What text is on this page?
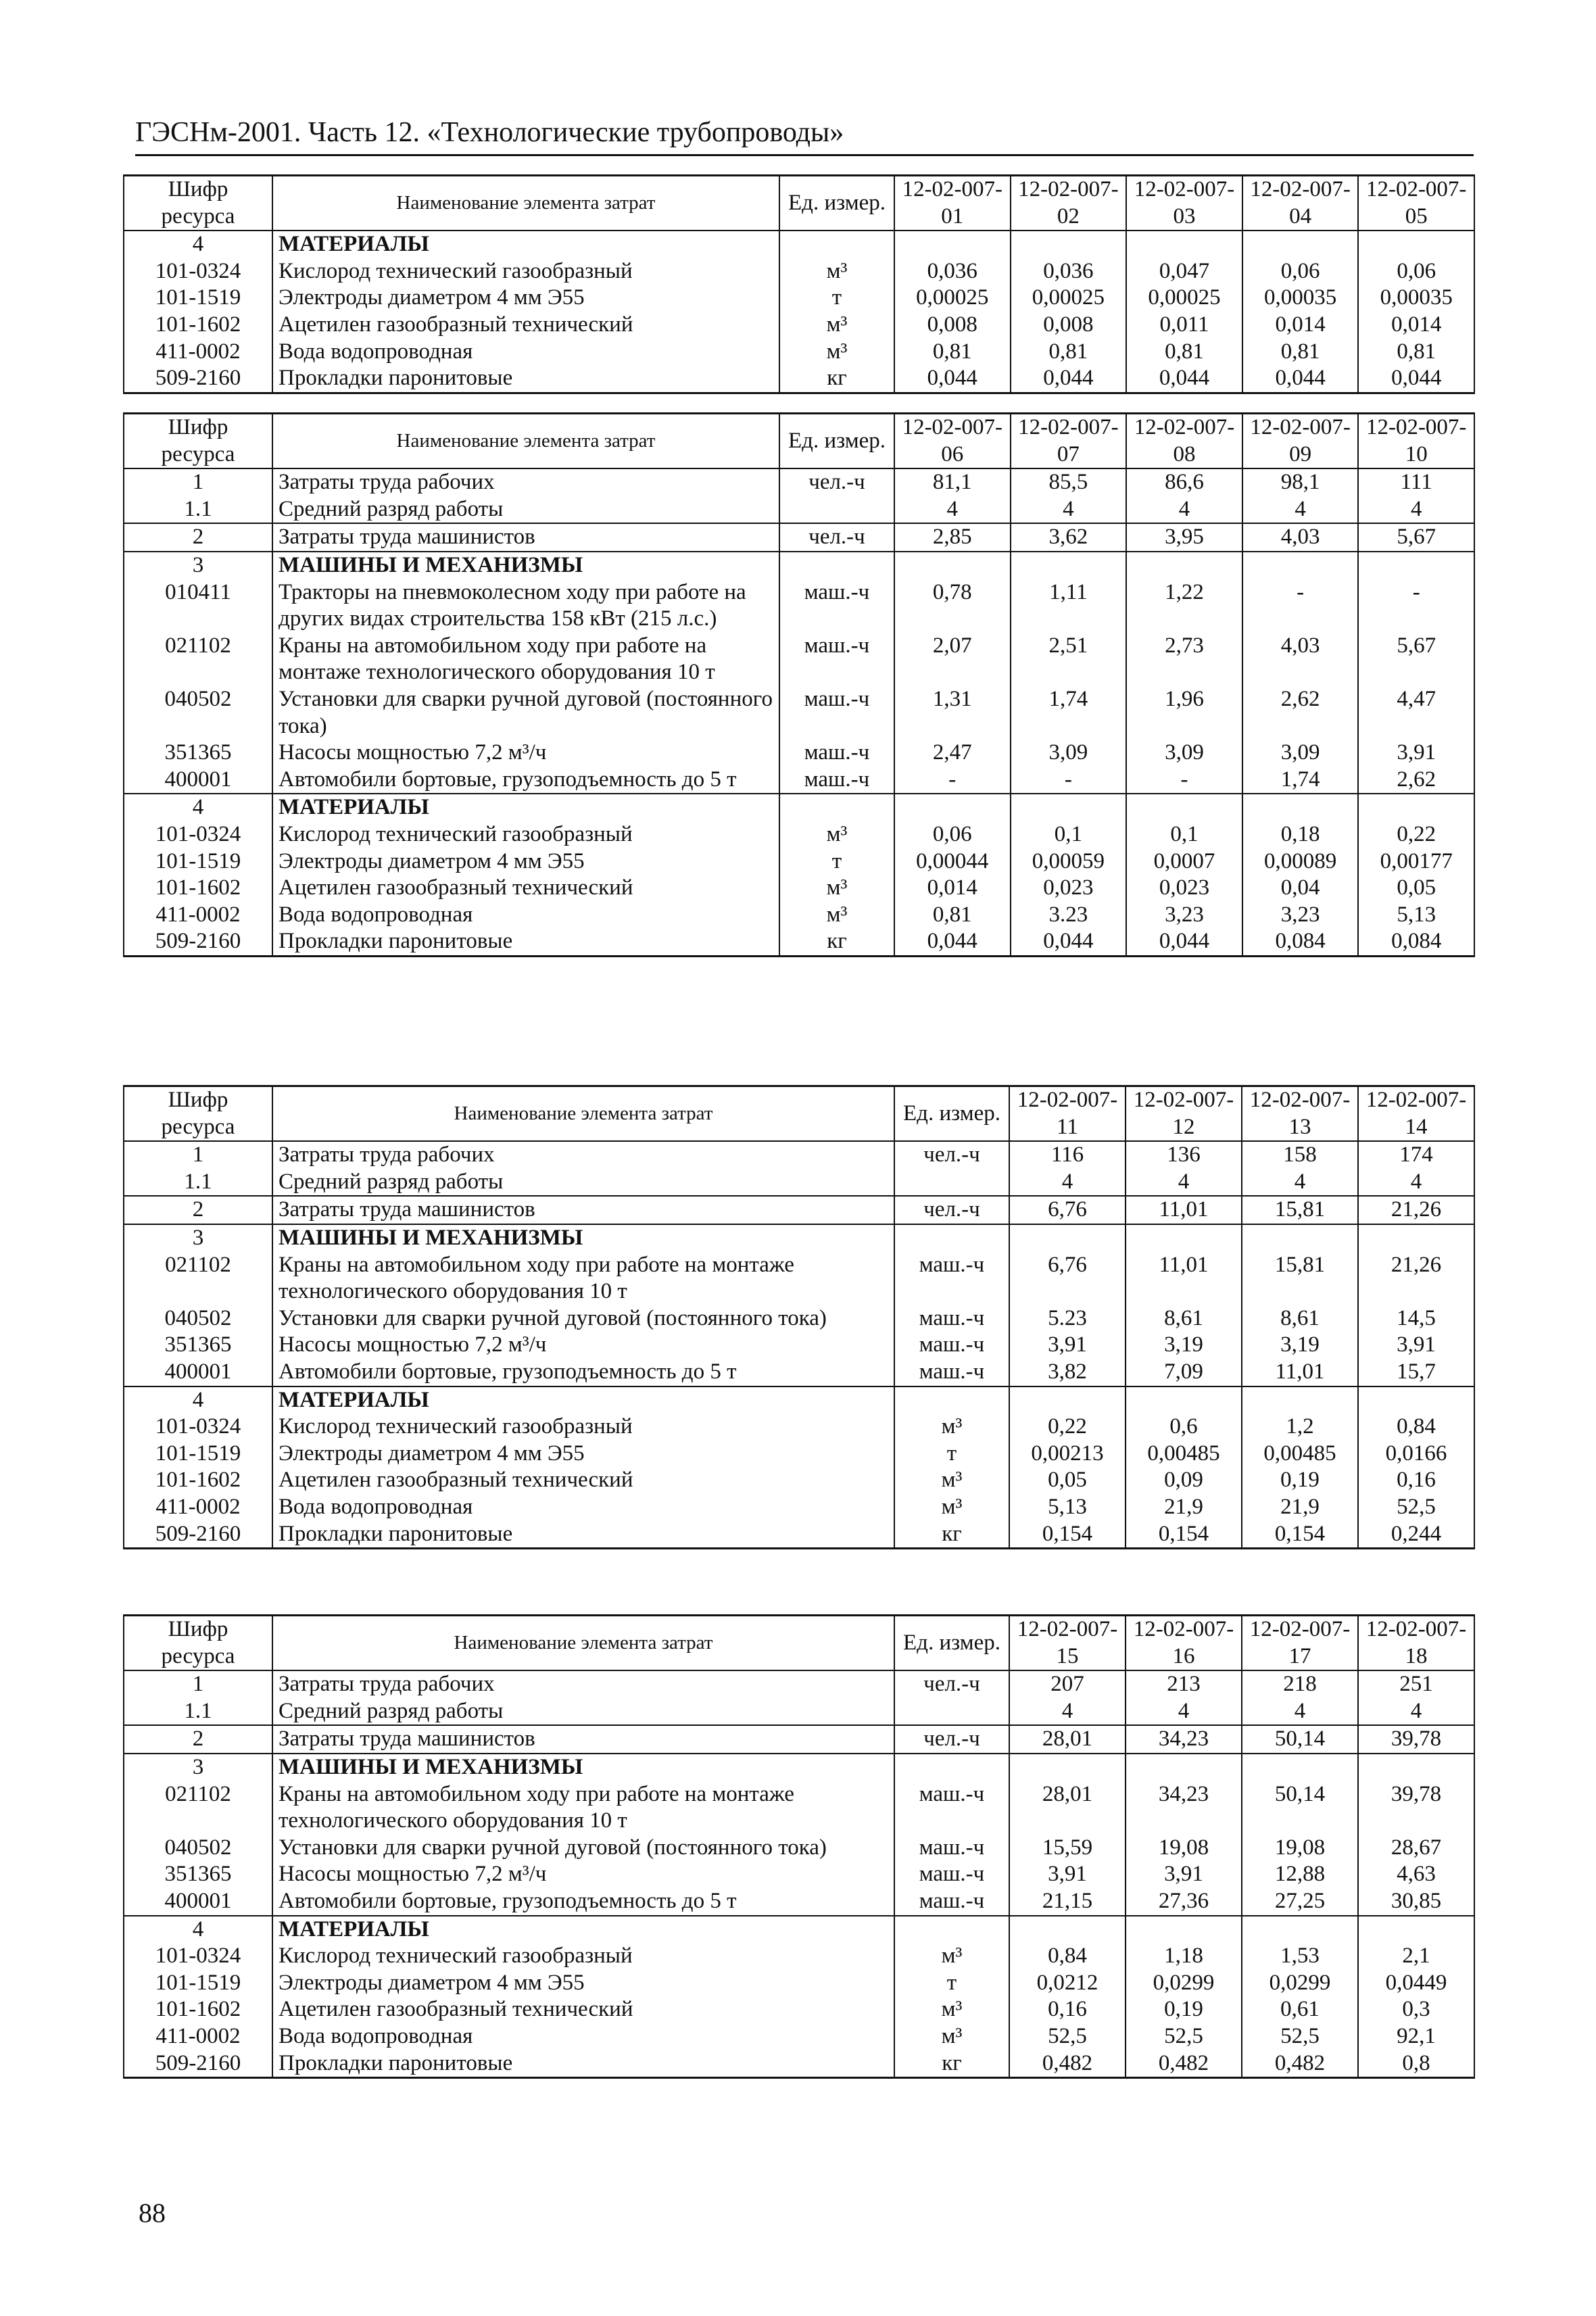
ГЭСНм-2001. Часть 12. «Технологические трубопроводы»
Шифр ресурса	Наименование элемента затрат	Ед. измер.	12-02-007-01	12-02-007-02	12-02-007-03	12-02-007-04	12-02-007-05
4	МАТЕРИАЛЫ						
101-0324	Кислород технический газообразный	м³	0,036	0,036	0,047	0,06	0,06
101-1519	Электроды диаметром 4 мм Э55	т	0,00025	0,00025	0,00025	0,00035	0,00035
101-1602	Ацетилен газообразный технический	м³	0,008	0,008	0,011	0,014	0,014
411-0002	Вода водопроводная	м³	0,81	0,81	0,81	0,81	0,81
509-2160	Прокладки паронитовые	кг	0,044	0,044	0,044	0,044	0,044
Шифр ресурса	Наименование элемента затрат	Ед. измер.	12-02-007-06	12-02-007-07	12-02-007-08	12-02-007-09	12-02-007-10
1	Затраты труда рабочих	чел.-ч	81,1	85,5	86,6	98,1	111
1.1	Средний разряд работы		4	4	4	4	4
2	Затраты труда машинистов	чел.-ч	2,85	3,62	3,95	4,03	5,67
3	МАШИНЫ И МЕХАНИЗМЫ						
010411	Тракторы на пневмоколесном ходу при работе на других видах строительства 158 кВт (215 л.с.)	маш.-ч	0,78	1,11	1,22	-	-
021102	Краны на автомобильном ходу при работе на монтаже технологического оборудования 10 т	маш.-ч	2,07	2,51	2,73	4,03	5,67
040502	Установки для сварки ручной дуговой (постоянного тока)	маш.-ч	1,31	1,74	1,96	2,62	4,47
351365	Насосы мощностью 7,2 м³/ч	маш.-ч	2,47	3,09	3,09	3,09	3,91
400001	Автомобили бортовые, грузоподъемность до 5 т	маш.-ч	-	-	-	1,74	2,62
4	МАТЕРИАЛЫ						
101-0324	Кислород технический газообразный	м³	0,06	0,1	0,1	0,18	0,22
101-1519	Электроды диаметром 4 мм Э55	т	0,00044	0,00059	0,0007	0,00089	0,00177
101-1602	Ацетилен газообразный технический	м³	0,014	0,023	0,023	0,04	0,05
411-0002	Вода водопроводная	м³	0,81	3.23	3,23	3,23	5,13
509-2160	Прокладки паронитовые	кг	0,044	0,044	0,044	0,084	0,084
Шифр ресурса	Наименование элемента затрат	Ед. измер.	12-02-007-11	12-02-007-12	12-02-007-13	12-02-007-14
1	Затраты труда рабочих	чел.-ч	116	136	158	174
1.1	Средний разряд работы		4	4	4	4
2	Затраты труда машинистов	чел.-ч	6,76	11,01	15,81	21,26
3	МАШИНЫ И МЕХАНИЗМЫ					
021102	Краны на автомобильном ходу при работе на монтаже технологического оборудования 10 т	маш.-ч	6,76	11,01	15,81	21,26
040502	Установки для сварки ручной дуговой (постоянного тока)	маш.-ч	5.23	8,61	8,61	14,5
351365	Насосы мощностью 7,2 м³/ч	маш.-ч	3,91	3,19	3,19	3,91
400001	Автомобили бортовые, грузоподъемность до 5 т	маш.-ч	3,82	7,09	11,01	15,7
4	МАТЕРИАЛЫ					
101-0324	Кислород технический газообразный	м³	0,22	0,6	1,2	0,84
101-1519	Электроды диаметром 4 мм Э55	т	0,00213	0,00485	0,00485	0,0166
101-1602	Ацетилен газообразный технический	м³	0,05	0,09	0,19	0,16
411-0002	Вода водопроводная	м³	5,13	21,9	21,9	52,5
509-2160	Прокладки паронитовые	кг	0,154	0,154	0,154	0,244
Шифр ресурса	Наименование элемента затрат	Ед. измер.	12-02-007-15	12-02-007-16	12-02-007-17	12-02-007-18
1	Затраты труда рабочих	чел.-ч	207	213	218	251
1.1	Средний разряд работы		4	4	4	4
2	Затраты труда машинистов	чел.-ч	28,01	34,23	50,14	39,78
3	МАШИНЫ И МЕХАНИЗМЫ					
021102	Краны на автомобильном ходу при работе на монтаже технологического оборудования 10 т	маш.-ч	28,01	34,23	50,14	39,78
040502	Установки для сварки ручной дуговой (постоянного тока)	маш.-ч	15,59	19,08	19,08	28,67
351365	Насосы мощностью 7,2 м³/ч	маш.-ч	3,91	3,91	12,88	4,63
400001	Автомобили бортовые, грузоподъемность до 5 т	маш.-ч	21,15	27,36	27,25	30,85
4	МАТЕРИАЛЫ					
101-0324	Кислород технический газообразный	м³	0,84	1,18	1,53	2,1
101-1519	Электроды диаметром 4 мм Э55	т	0,0212	0,0299	0,0299	0,0449
101-1602	Ацетилен газообразный технический	м³	0,16	0,19	0,61	0,3
411-0002	Вода водопроводная	м³	52,5	52,5	52,5	92,1
509-2160	Прокладки паронитовые	кг	0,482	0,482	0,482	0,8
88
